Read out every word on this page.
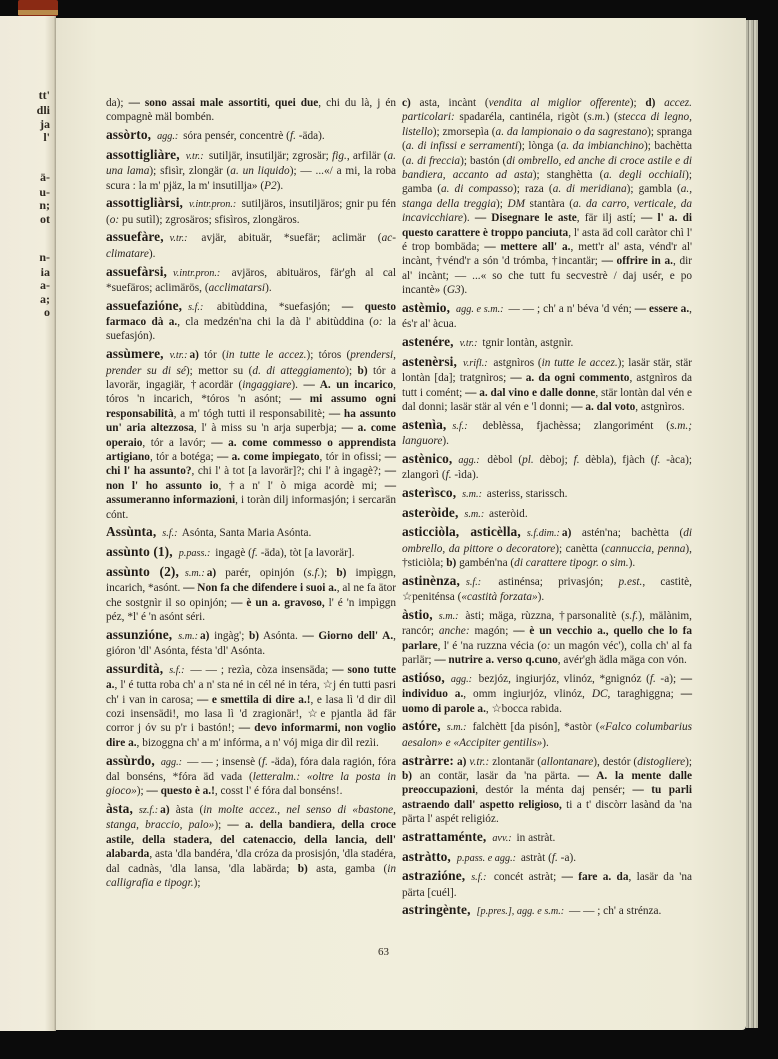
tt'
dli
ja
l'
ä-
u-
n;
ot
n-
ia
a-
a;
o
da); — sono assai male assortiti, quei due, chi du là, j én compagnè mäl bombén.
assòrto, agg.: sóra pensér, concentrè (f. -äda).
assottigliàre, v.tr.: sutiljär, insutiljär; zgrosär; fig., arfilär (a. una lama); sfisìr, zlongär (a. un liquido); — ...«/ a mi, la roba scura : la m' pjäz, la m' insutillja» (P2).
assottigliàrsi, v.intr.pron.: sutiljäros, insutiljäros; gnir pu fén (o: pu sutìl); zgrosäros; sfisìros, zlongäros.
assuefàre, v.tr.: avjär, abituär, *suefär; aclimär (acclimatare).
assuefàrsi, v.intr.pron.: avjäros, abituäros, fär'gh al cal *suefäros; aclimärös, (acclimatarsi).
assuefazióne, s.f.: abitùddina, *suefasjón; — questo farmaco dà a., cla medzén'na chi la dà l' abitùddina (o: la suefasjón).
assùmere, v.tr.: a) tór (in tutte le accez.); tóros (prendersi, prender su di sé); mettor su (d. di atteggiamento); b) tór a lavorär, ingagiär, †acordär (ingaggiare). — A. un incarico, tóros 'n incarich, *tóros 'n asónt; — mi assumo ogni responsabilità, a m' tógh tutti il responsabilitè; — ha assunto un' aria altezzosa, l' à miss su 'n arja superbja; — a. come operaio, tór a lavór; — a. come commesso o apprendista artigiano, tór a botéga; — a. come impiegato, tór in ofissi; — chi l' ha assunto?, chi l' à tot [a lavorär]?; chi l' à ingagè?; — non l' ho assunto io, †a n' l' ò miga acordè mi; — assumeranno informazioni, i toràn dilj informasjón; i sercarän cónt.
Assùnta, s.f.: Asónta, Santa Maria Asónta.
assùnto (1), p.pass.: ingagè (f. -äda), tòt [a lavorär].
assùnto (2), s.m.: a) parér, opinjón (s.f.); b) impìggn, incarich, *asónt. — Non fa che difendere i suoi a., al ne fa ätor che sostgnìr il so opinjón; — è un a. gravoso, l' é 'n impìggn péz, *l' é 'n asónt séri.
assunzióne, s.m.: a) ingàg'; b) Asónta. — Giorno dell' A., gióron 'dl' Asónta, fésta 'dl' Asónta.
assurdità, s.f.: — — ; rezìa, còza insensäda; — sono tutte a., l' é tutta roba ch' a n' sta né in cél né in téra, ☆j én tutti pasri ch' i van in carosa; — e smettila di dire a.!, e lasa lì 'd dir dìl cozi insensädi!, mo lasa lì 'd zragionär!, ☆e pjantla äd fär corror j óv su p'r i bastón!; — devo informarmi, non voglio dire a., bizoggna ch' a m' infórma, a n' vój miga dir dìl rezìi.
assùrdo, agg.: — — ; insensè (f. -äda), fóra dala ragión, fóra dal bonséns, *fóra äd vada (letteralm.: «oltre la posta in gioco»); — questo è a.!, cosst l' é fóra dal bonséns!.
àsta, sz.f.: a) àsta (in molte accez., nel senso di «bastone, stanga, braccio, palo»); — a. della bandiera, della croce astile, della stadera, del catenaccio, della lancia, dell' alabarda, asta 'dla bandéra, 'dla cróza da prosisjón, 'dla stadéra, dal cadnàs, 'dla lansa, 'dla labärda; b) asta, gamba (in calligrafia e tipogr.);
c) asta, incànt (vendita al miglior offerente); d) accez. particolari: spadaréla, cantinéla, rigòt (s.m.) (stecca di legno, listello); zmorsepìa (a. da lampionaio o da sagrestano); spranga (a. di infissi e serramenti); lònga (a. da imbianchino); bachètta (a. di freccia); bastón (di ombrello, ed anche di croce astile e di bandiera, accanto ad asta); stanghètta (a. degli occhiali); gamba (a. di compasso); raza (a. di meridiana); gambla (a., stanga della treggia); DM stantàra (a. da carro, verticale, da incavicchiare). — Disegnare le aste, fär ilj astí; — l' a. di questo carattere è troppo panciuta, l' asta äd coll caràtor chì l' é trop bombäda; — mettere all' a., mett'r al' asta, vénd'r al' incànt, †vénd'r a són 'd trómba, †incantär; — offrire in a., dir al' incànt; — ...« so che tutt fu secvestrè / daj usér, e po incantè» (G3).
astèmio, agg. e s.m.: — — ; ch' a n' béva 'd vén; — essere a., és'r al' àcua.
astenére, v.tr.: tgnir lontàn, astgnìr.
astenèrsi, v.rifl.: astgnìros (in tutte le accez.); lasär stär, stär lontàn [da]; tratgnìros; — a. da ogni commento, astgnìros da tutt i comént; — a. dal vino e dalle donne, stär lontàn dal vén e dal donni; lasär stär al vén e 'l donni; — a. dal voto, astgnìros.
astenìa, s.f.: deblèssa, fjachèssa; zlangorimént (s.m.; languore).
astènico, agg.: dèbol (pl. dèboj; f. dèbla), fjàch (f. -àca); zlangorì (f. -ìda).
asterìsco, s.m.: asteriss, starissch.
asteròide, s.m.: asteròid.
asticciòla, asticèlla, s.f.dim.: a) astén'na; bachètta (di ombrello, da pittore o decoratore); canètta (cannuccia, penna), †sticiòla; b) gambén'na (di carattere tipogr. o sim.).
astinènza, s.f.: astinénsa; privasjón; p.est., castitè, ☆peniténsa («castità forzata»).
àstio, s.m.: àsti; mäga, rùzzna, †parsonalitè (s.f.), mälànim, rancór; anche: magón; — è un vecchio a., quello che lo fa parlare, l' é 'na ruzzna vécia (o: un magón véc'), colla ch' al fa parlär; — nutrire a. verso q.cuno, avér'gh ädla mäga con vón.
astióso, agg.: bezjóz, ingiurjóz, vlinóz, *gnignóz (f. -a); — individuo a., omm ingiurjóz, vlinóz, DC, taraghiggna; — uomo di parole a., ☆bocca rabida.
astóre, s.m.: falchètt [da pisón], *astòr («Falco columbarius aesalon» e «Accipiter gentilis»).
astràrre: a) v.tr.: zlontanär (allontanare), destór (distogliere); b) an contär, lasär da 'na pärta. — A. la mente dalle preoccupazioni, destór la ménta daj pensér; — tu parli astraendo dall' aspetto religioso, ti a t' discòrr lasànd da 'na pärta l' aspét religióz.
astrattaménte, avv.: in astràt.
astràtto, p.pass. e agg.: astràt (f. -a).
astrazióne, s.f.: concét astràt; — fare a. da, lasär da 'na pärta [cuél].
astringènte, [p.pres.], agg. e s.m.: — — ; ch' a strénza.
63
